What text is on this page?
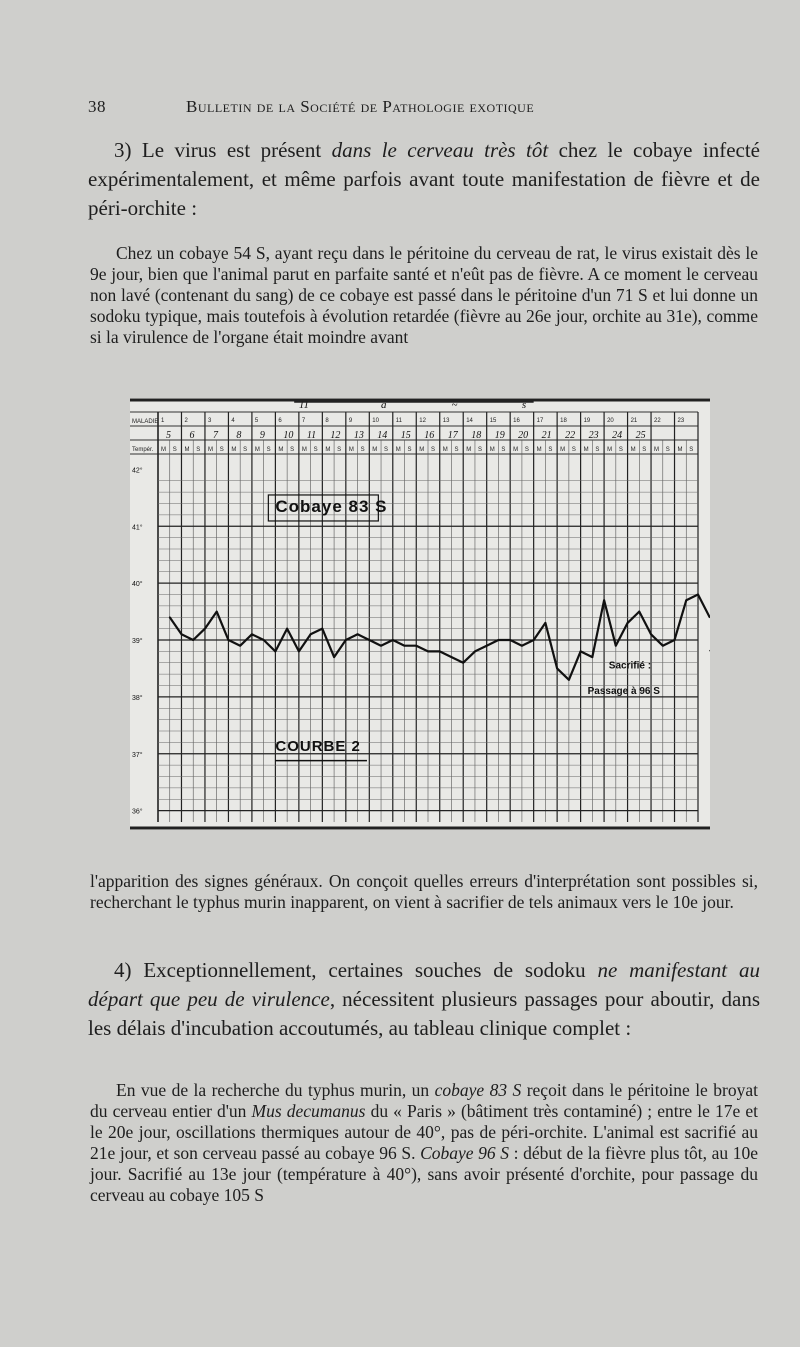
38	Bulletin de la Société de Pathologie exotique

3) Le virus est présent dans le cerveau très tôt chez le cobaye infecté expérimentalement, et même parfois avant toute manifestation de fièvre et de péri-orchite :

Chez un cobaye 54 S, ayant reçu dans le péritoine du cerveau de rat, le virus existait dès le 9e jour, bien que l'animal parut en parfaite santé et n'eût pas de fièvre. A ce moment le cerveau non lavé (contenant du sang) de ce cobaye est passé dans le péritoine d'un 71 S et lui donne un sodoku typique, mais toutefois à évolution retardée (fièvre au 26e jour, orchite au 31e), comme si la virulence de l'organe était moindre avant

MALADIE
Tempér.
1	2	3	4	5	6	7	8	9	10	11	12	13	14	15	16	17	18	19	20	21	22	23
5 6 7 8 9 10 11 12 13 14 15 16 17 18 19 20 21 22 23 24 25
M S M S M S M S M S M S M S M S M S M S M S M S M S M S M S M S M S M S M S M S M S M S M S
11	a	~	s
42°
41°
40°
39°
38°
37°
36°
Cobaye 83 S
COURBE 2
Sacrifié :
Passage à 96 S

l'apparition des signes généraux. On conçoit quelles erreurs d'interprétation sont possibles si, recherchant le typhus murin inapparent, on vient à sacrifier de tels animaux vers le 10e jour.

4) Exceptionnellement, certaines souches de sodoku ne manifestant au départ que peu de virulence, nécessitent plusieurs passages pour aboutir, dans les délais d'incubation accoutumés, au tableau clinique complet :

En vue de la recherche du typhus murin, un cobaye 83 S reçoit dans le péritoine le broyat du cerveau entier d'un Mus decumanus du « Paris » (bâtiment très contaminé) ; entre le 17e et le 20e jour, oscillations thermiques autour de 40°, pas de péri-orchite. L'animal est sacrifié au 21e jour, et son cerveau passé au cobaye 96 S. Cobaye 96 S : début de la fièvre plus tôt, au 10e jour. Sacrifié au 13e jour (température à 40°), sans avoir présenté d'orchite, pour passage du cerveau au cobaye 105 S
